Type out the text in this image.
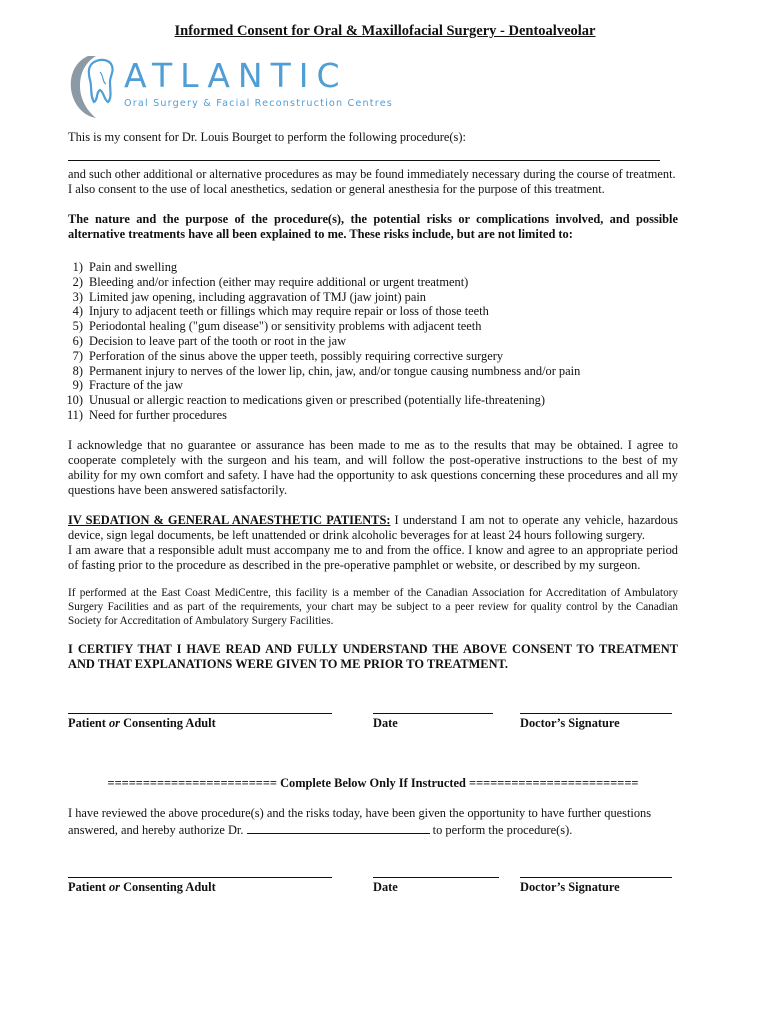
Informed Consent for Oral & Maxillofacial Surgery - Dentoalveolar
ATLANTIC
Oral Surgery & Facial Reconstruction Centres
This is my consent for Dr. Louis Bourget to perform the following procedure(s):
and such other additional or alternative procedures as may be found immediately necessary during the course of treatment.
I also consent to the use of local anesthetics, sedation or general anesthesia for the purpose of this treatment.
The nature and the purpose of the procedure(s), the potential risks or complications involved, and possible alternative treatments have all been explained to me. These risks include, but are not limited to:
1) Pain and swelling
2) Bleeding and/or infection (either may require additional or urgent treatment)
3) Limited jaw opening, including aggravation of TMJ (jaw joint) pain
4) Injury to adjacent teeth or fillings which may require repair or loss of those teeth
5) Periodontal healing ("gum disease") or sensitivity problems with adjacent teeth
6) Decision to leave part of the tooth or root in the jaw
7) Perforation of the sinus above the upper teeth, possibly requiring corrective surgery
8) Permanent injury to nerves of the lower lip, chin, jaw, and/or tongue causing numbness and/or pain
9) Fracture of the jaw
10) Unusual or allergic reaction to medications given or prescribed (potentially life-threatening)
11) Need for further procedures
I acknowledge that no guarantee or assurance has been made to me as to the results that may be obtained. I agree to cooperate completely with the surgeon and his team, and will follow the post-operative instructions to the best of my ability for my own comfort and safety. I have had the opportunity to ask questions concerning these procedures and all my questions have been answered satisfactorily.
IV SEDATION & GENERAL ANAESTHETIC PATIENTS: I understand I am not to operate any vehicle, hazardous device, sign legal documents, be left unattended or drink alcoholic beverages for at least 24 hours following surgery.
I am aware that a responsible adult must accompany me to and from the office. I know and agree to an appropriate period of fasting prior to the procedure as described in the pre-operative pamphlet or website, or described by my surgeon.
If performed at the East Coast MediCentre, this facility is a member of the Canadian Association for Accreditation of Ambulatory Surgery Facilities and as part of the requirements, your chart may be subject to a peer review for quality control by the Canadian Society for Accreditation of Ambulatory Surgery Facilities.
I CERTIFY THAT I HAVE READ AND FULLY UNDERSTAND THE ABOVE CONSENT TO TREATMENT AND THAT EXPLANATIONS WERE GIVEN TO ME PRIOR TO TREATMENT.
Patient or Consenting Adult	Date	Doctor’s Signature
======================== Complete Below Only If Instructed ========================
I have reviewed the above procedure(s) and the risks today, have been given the opportunity to have further questions
answered, and hereby authorize Dr.	to perform the procedure(s).
Patient or Consenting Adult	Date	Doctor’s Signature
